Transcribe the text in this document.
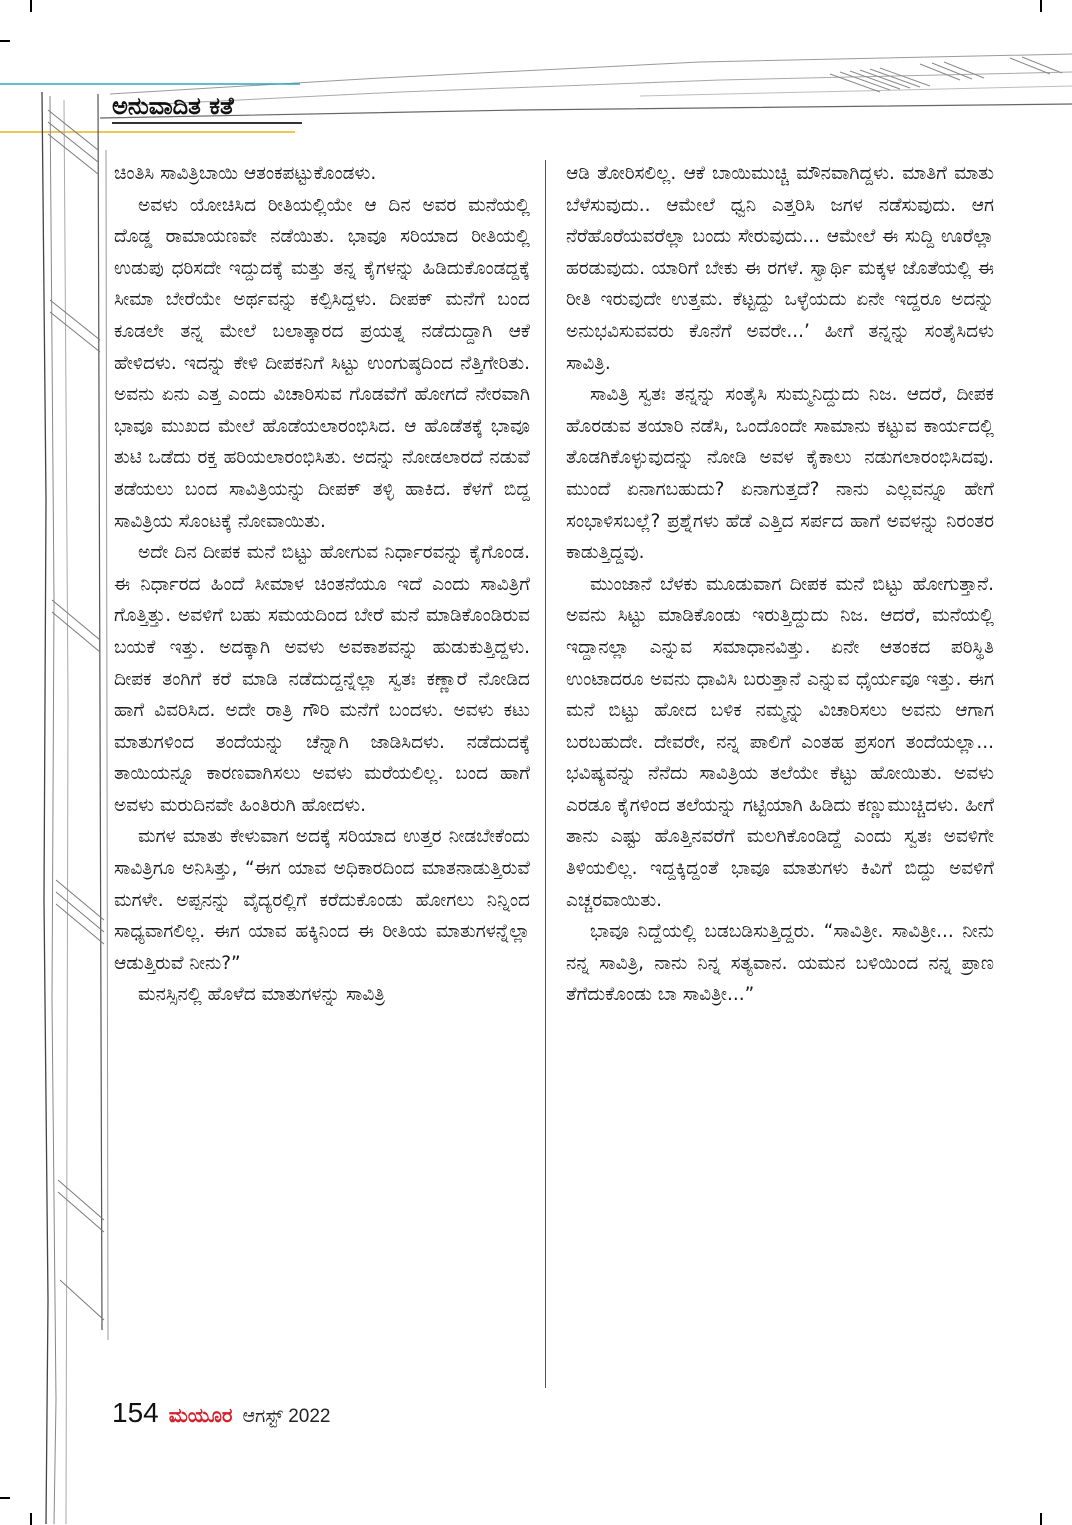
ಅನುವಾದಿತ ಕತೆ

ಚಿಂತಿಸಿ ಸಾವಿತ್ರಿಬಾಯಿ ಆತಂಕಪಟ್ಟುಕೊಂಡಳು.

ಅವಳು ಯೋಚಿಸಿದ ರೀತಿಯಲ್ಲಿಯೇ ಆ ದಿನ ಅವರ ಮನೆಯಲ್ಲಿ ದೊಡ್ಡ ರಾಮಾಯಣವೇ ನಡೆಯಿತು. ಭಾವೂ ಸರಿಯಾದ ರೀತಿಯಲ್ಲಿ ಉಡುಪು ಧರಿಸದೇ ಇದ್ದುದಕ್ಕೆ ಮತ್ತು ತನ್ನ ಕೈಗಳನ್ನು ಹಿಡಿದುಕೊಂಡದ್ದಕ್ಕೆ ಸೀಮಾ ಬೇರೆಯೇ ಅರ್ಥವನ್ನು ಕಲ್ಪಿಸಿದ್ದಳು. ದೀಪಕ್ ಮನೆಗೆ ಬಂದ ಕೂಡಲೇ ತನ್ನ ಮೇಲೆ ಬಲಾತ್ಕಾರದ ಪ್ರಯತ್ನ ನಡೆದುದ್ದಾಗಿ ಆಕೆ ಹೇಳಿದಳು. ಇದನ್ನು ಕೇಳಿ ದೀಪಕನಿಗೆ ಸಿಟ್ಟು ಉಂಗುಷ್ಠದಿಂದ ನೆತ್ತಿಗೇರಿತು. ಅವನು ಏನು ಎತ್ತ ಎಂದು ವಿಚಾರಿಸುವ ಗೊಡವೆಗೆ ಹೋಗದೆ ನೇರವಾಗಿ ಭಾವೂ ಮುಖದ ಮೇಲೆ ಹೊಡೆಯಲಾರಂಭಿಸಿದ. ಆ ಹೊಡೆತಕ್ಕೆ ಭಾವೂ ತುಟಿ ಒಡೆದು ರಕ್ತ ಹರಿಯಲಾರಂಭಿಸಿತು. ಅದನ್ನು ನೋಡಲಾರದೆ ನಡುವೆ ತಡೆಯಲು ಬಂದ ಸಾವಿತ್ರಿಯನ್ನು ದೀಪಕ್ ತಳ್ಳಿ ಹಾಕಿದ. ಕೆಳಗೆ ಬಿದ್ದ ಸಾವಿತ್ರಿಯ ಸೊಂಟಕ್ಕೆ ನೋವಾಯಿತು.

ಅದೇ ದಿನ ದೀಪಕ ಮನೆ ಬಿಟ್ಟು ಹೋಗುವ ನಿರ್ಧಾರವನ್ನು ಕೈಗೊಂಡ. ಈ ನಿರ್ಧಾರದ ಹಿಂದೆ ಸೀಮಾಳ ಚಿಂತನೆಯೂ ಇದೆ ಎಂದು ಸಾವಿತ್ರಿಗೆ ಗೊತ್ತಿತ್ತು. ಅವಳಿಗೆ ಬಹು ಸಮಯದಿಂದ ಬೇರೆ ಮನೆ ಮಾಡಿಕೊಂಡಿರುವ ಬಯಕೆ ಇತ್ತು. ಅದಕ್ಕಾಗಿ ಅವಳು ಅವಕಾಶವನ್ನು ಹುಡುಕುತ್ತಿದ್ದಳು. ದೀಪಕ ತಂಗಿಗೆ ಕರೆ ಮಾಡಿ ನಡೆದುದ್ದನ್ನೆಲ್ಲಾ ಸ್ವತಃ ಕಣ್ಣಾರೆ ನೋಡಿದ ಹಾಗೆ ವಿವರಿಸಿದ. ಅದೇ ರಾತ್ರಿ ಗೌರಿ ಮನೆಗೆ ಬಂದಳು. ಅವಳು ಕಟು ಮಾತುಗಳಿಂದ ತಂದೆಯನ್ನು ಚೆನ್ನಾಗಿ ಜಾಡಿಸಿದಳು. ನಡೆದುದಕ್ಕೆ ತಾಯಿಯನ್ನೂ ಕಾರಣವಾಗಿಸಲು ಅವಳು ಮರೆಯಲಿಲ್ಲ. ಬಂದ ಹಾಗೆ ಅವಳು ಮರುದಿನವೇ ಹಿಂತಿರುಗಿ ಹೋದಳು.

ಮಗಳ ಮಾತು ಕೇಳುವಾಗ ಅದಕ್ಕೆ ಸರಿಯಾದ ಉತ್ತರ ನೀಡಬೇಕೆಂದು ಸಾವಿತ್ರಿಗೂ ಅನಿಸಿತ್ತು, “ಈಗ ಯಾವ ಅಧಿಕಾರದಿಂದ ಮಾತನಾಡುತ್ತಿರುವೆ ಮಗಳೇ. ಅಪ್ಪನನ್ನು ವೈದ್ಯರಲ್ಲಿಗೆ ಕರೆದುಕೊಂಡು ಹೋಗಲು ನಿನ್ನಿಂದ ಸಾಧ್ಯವಾಗಲಿಲ್ಲ. ಈಗ ಯಾವ ಹಕ್ಕಿನಿಂದ ಈ ರೀತಿಯ ಮಾತುಗಳನ್ನೆಲ್ಲಾ ಆಡುತ್ತಿರುವೆ ನೀನು?”

ಮನಸ್ಸಿನಲ್ಲಿ ಹೊಳೆದ ಮಾತುಗಳನ್ನು ಸಾವಿತ್ರಿ

ಆಡಿ ತೋರಿಸಲಿಲ್ಲ. ಆಕೆ ಬಾಯಿಮುಚ್ಚಿ ಮೌನವಾಗಿದ್ದಳು. ಮಾತಿಗೆ ಮಾತು ಬೆಳೆಸುವುದು.. ಆಮೇಲೆ ಧ್ವನಿ ಎತ್ತರಿಸಿ ಜಗಳ ನಡೆಸುವುದು. ಆಗ ನೆರೆಹೊರೆಯವರೆಲ್ಲಾ ಬಂದು ಸೇರುವುದು... ಆಮೇಲೆ ಈ ಸುದ್ದಿ ಊರೆಲ್ಲಾ ಹರಡುವುದು. ಯಾರಿಗೆ ಬೇಕು ಈ ರಗಳೆ. ಸ್ವಾರ್ಥಿ ಮಕ್ಕಳ ಜೊತೆಯಲ್ಲಿ ಈ ರೀತಿ ಇರುವುದೇ ಉತ್ತಮ. ಕೆಟ್ಟದ್ದು ಒಳ್ಳೆಯದು ಏನೇ ಇದ್ದರೂ ಅದನ್ನು ಅನುಭವಿಸುವವರು ಕೊನೆಗೆ ಅವರೇ...’ ಹೀಗೆ ತನ್ನನ್ನು ಸಂತೈಸಿದಳು ಸಾವಿತ್ರಿ.

ಸಾವಿತ್ರಿ ಸ್ವತಃ ತನ್ನನ್ನು ಸಂತೈಸಿ ಸುಮ್ಮನಿದ್ದುದು ನಿಜ. ಆದರೆ, ದೀಪಕ ಹೊರಡುವ ತಯಾರಿ ನಡೆಸಿ, ಒಂದೊಂದೇ ಸಾಮಾನು ಕಟ್ಟುವ ಕಾರ್ಯದಲ್ಲಿ ತೊಡಗಿಕೊಳ್ಳುವುದನ್ನು ನೋಡಿ ಅವಳ ಕೈಕಾಲು ನಡುಗಲಾರಂಭಿಸಿದವು. ಮುಂದೆ ಏನಾಗಬಹುದು? ಏನಾಗುತ್ತದೆ? ನಾನು ಎಲ್ಲವನ್ನೂ ಹೇಗೆ ಸಂಭಾಳಿಸಬಲ್ಲೆ? ಪ್ರಶ್ನೆಗಳು ಹೆಡೆ ಎತ್ತಿದ ಸರ್ಪದ ಹಾಗೆ ಅವಳನ್ನು ನಿರಂತರ ಕಾಡುತ್ತಿದ್ದವು.

ಮುಂಜಾನೆ ಬೆಳಕು ಮೂಡುವಾಗ ದೀಪಕ ಮನೆ ಬಿಟ್ಟು ಹೋಗುತ್ತಾನೆ. ಅವನು ಸಿಟ್ಟು ಮಾಡಿಕೊಂಡು ಇರುತ್ತಿದ್ದುದು ನಿಜ. ಆದರೆ, ಮನೆಯಲ್ಲಿ ಇದ್ದಾನಲ್ಲಾ ಎನ್ನುವ ಸಮಾಧಾನವಿತ್ತು. ಏನೇ ಆತಂಕದ ಪರಿಸ್ಥಿತಿ ಉಂಟಾದರೂ ಅವನು ಧಾವಿಸಿ ಬರುತ್ತಾನೆ ಎನ್ನುವ ಧೈರ್ಯವೂ ಇತ್ತು. ಈಗ ಮನೆ ಬಿಟ್ಟು ಹೋದ ಬಳಿಕ ನಮ್ಮನ್ನು ವಿಚಾರಿಸಲು ಅವನು ಆಗಾಗ ಬರಬಹುದೇ. ದೇವರೇ, ನನ್ನ ಪಾಲಿಗೆ ಎಂತಹ ಪ್ರಸಂಗ ತಂದೆಯಲ್ಲಾ... ಭವಿಷ್ಯವನ್ನು ನೆನೆದು ಸಾವಿತ್ರಿಯ ತಲೆಯೇ ಕೆಟ್ಟು ಹೋಯಿತು. ಅವಳು ಎರಡೂ ಕೈಗಳಿಂದ ತಲೆಯನ್ನು ಗಟ್ಟಿಯಾಗಿ ಹಿಡಿದು ಕಣ್ಣುಮುಚ್ಚಿದಳು. ಹೀಗೆ ತಾನು ಎಷ್ಟು ಹೊತ್ತಿನವರೆಗೆ ಮಲಗಿಕೊಂಡಿದ್ದೆ ಎಂದು ಸ್ವತಃ ಅವಳಿಗೇ ತಿಳಿಯಲಿಲ್ಲ. ಇದ್ದಕ್ಕಿದ್ದಂತೆ ಭಾವೂ ಮಾತುಗಳು ಕಿವಿಗೆ ಬಿದ್ದು ಅವಳಿಗೆ ಎಚ್ಚರವಾಯಿತು.

ಭಾವೂ ನಿದ್ದೆಯಲ್ಲಿ ಬಡಬಡಿಸುತ್ತಿದ್ದರು. “ಸಾವಿತ್ರೀ. ಸಾವಿತ್ರೀ... ನೀನು ನನ್ನ ಸಾವಿತ್ರಿ, ನಾನು ನಿನ್ನ ಸತ್ಯವಾನ. ಯಮನ ಬಳಿಯಿಂದ ನನ್ನ ಪ್ರಾಣ ತೆಗೆದುಕೊಂಡು ಬಾ ಸಾವಿತ್ರೀ...”

154 ಮಯೂರ ಆಗಸ್ಟ್ 2022
